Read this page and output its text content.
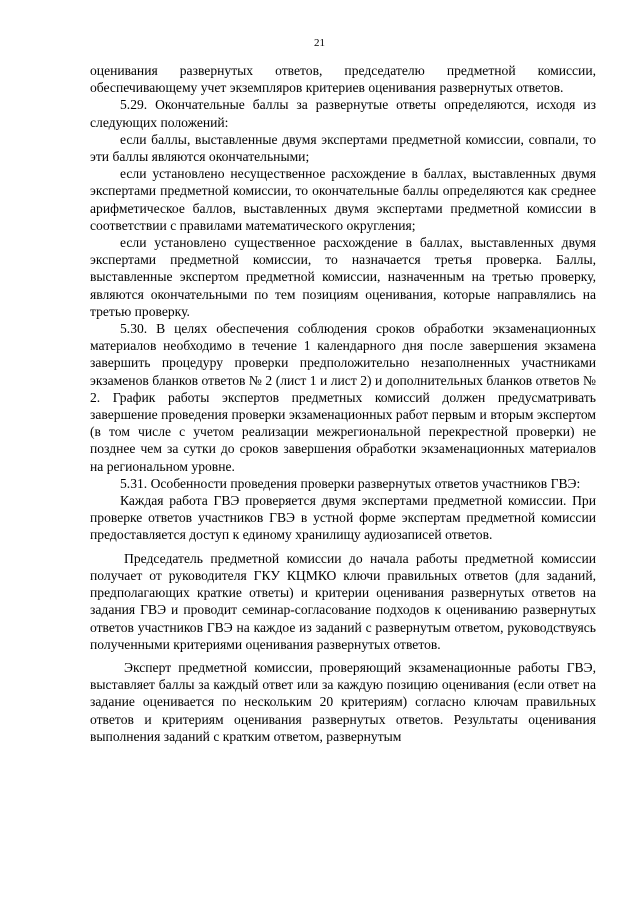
21

оценивания развернутых ответов, председателю предметной комиссии, обеспечивающему учет экземпляров критериев оценивания развернутых ответов.

5.29. Окончательные баллы за развернутые ответы определяются, исходя из следующих положений:

если баллы, выставленные двумя экспертами предметной комиссии, совпали, то эти баллы являются окончательными;

если установлено несущественное расхождение в баллах, выставленных двумя экспертами предметной комиссии, то окончательные баллы определяются как среднее арифметическое баллов, выставленных двумя экспертами предметной комиссии в соответствии с правилами математического округления;

если установлено существенное расхождение в баллах, выставленных двумя экспертами предметной комиссии, то назначается третья проверка. Баллы, выставленные экспертом предметной комиссии, назначенным на третью проверку, являются окончательными по тем позициям оценивания, которые направлялись на третью проверку.

5.30. В целях обеспечения соблюдения сроков обработки экзаменационных материалов необходимо в течение 1 календарного дня после завершения экзамена завершить процедуру проверки предположительно незаполненных участниками экзаменов бланков ответов № 2 (лист 1 и лист 2) и дополнительных бланков ответов № 2. График работы экспертов предметных комиссий должен предусматривать завершение проведения проверки экзаменационных работ первым и вторым экспертом (в том числе с учетом реализации межрегиональной перекрестной проверки) не позднее чем за сутки до сроков завершения обработки экзаменационных материалов на региональном уровне.

5.31. Особенности проведения проверки развернутых ответов участников ГВЭ:

Каждая работа ГВЭ проверяется двумя экспертами предметной комиссии. При проверке ответов участников ГВЭ в устной форме экспертам предметной комиссии предоставляется доступ к единому хранилищу аудиозаписей ответов.

Председатель предметной комиссии до начала работы предметной комиссии получает от руководителя ГКУ КЦМКО ключи правильных ответов (для заданий, предполагающих краткие ответы) и критерии оценивания развернутых ответов на задания ГВЭ и проводит семинар-согласование подходов к оцениванию развернутых ответов участников ГВЭ на каждое из заданий с развернутым ответом, руководствуясь полученными критериями оценивания развернутых ответов.

Эксперт предметной комиссии, проверяющий экзаменационные работы ГВЭ, выставляет баллы за каждый ответ или за каждую позицию оценивания (если ответ на задание оценивается по нескольким 20 критериям) согласно ключам правильных ответов и критериям оценивания развернутых ответов. Результаты оценивания выполнения заданий с кратким ответом, развернутым
